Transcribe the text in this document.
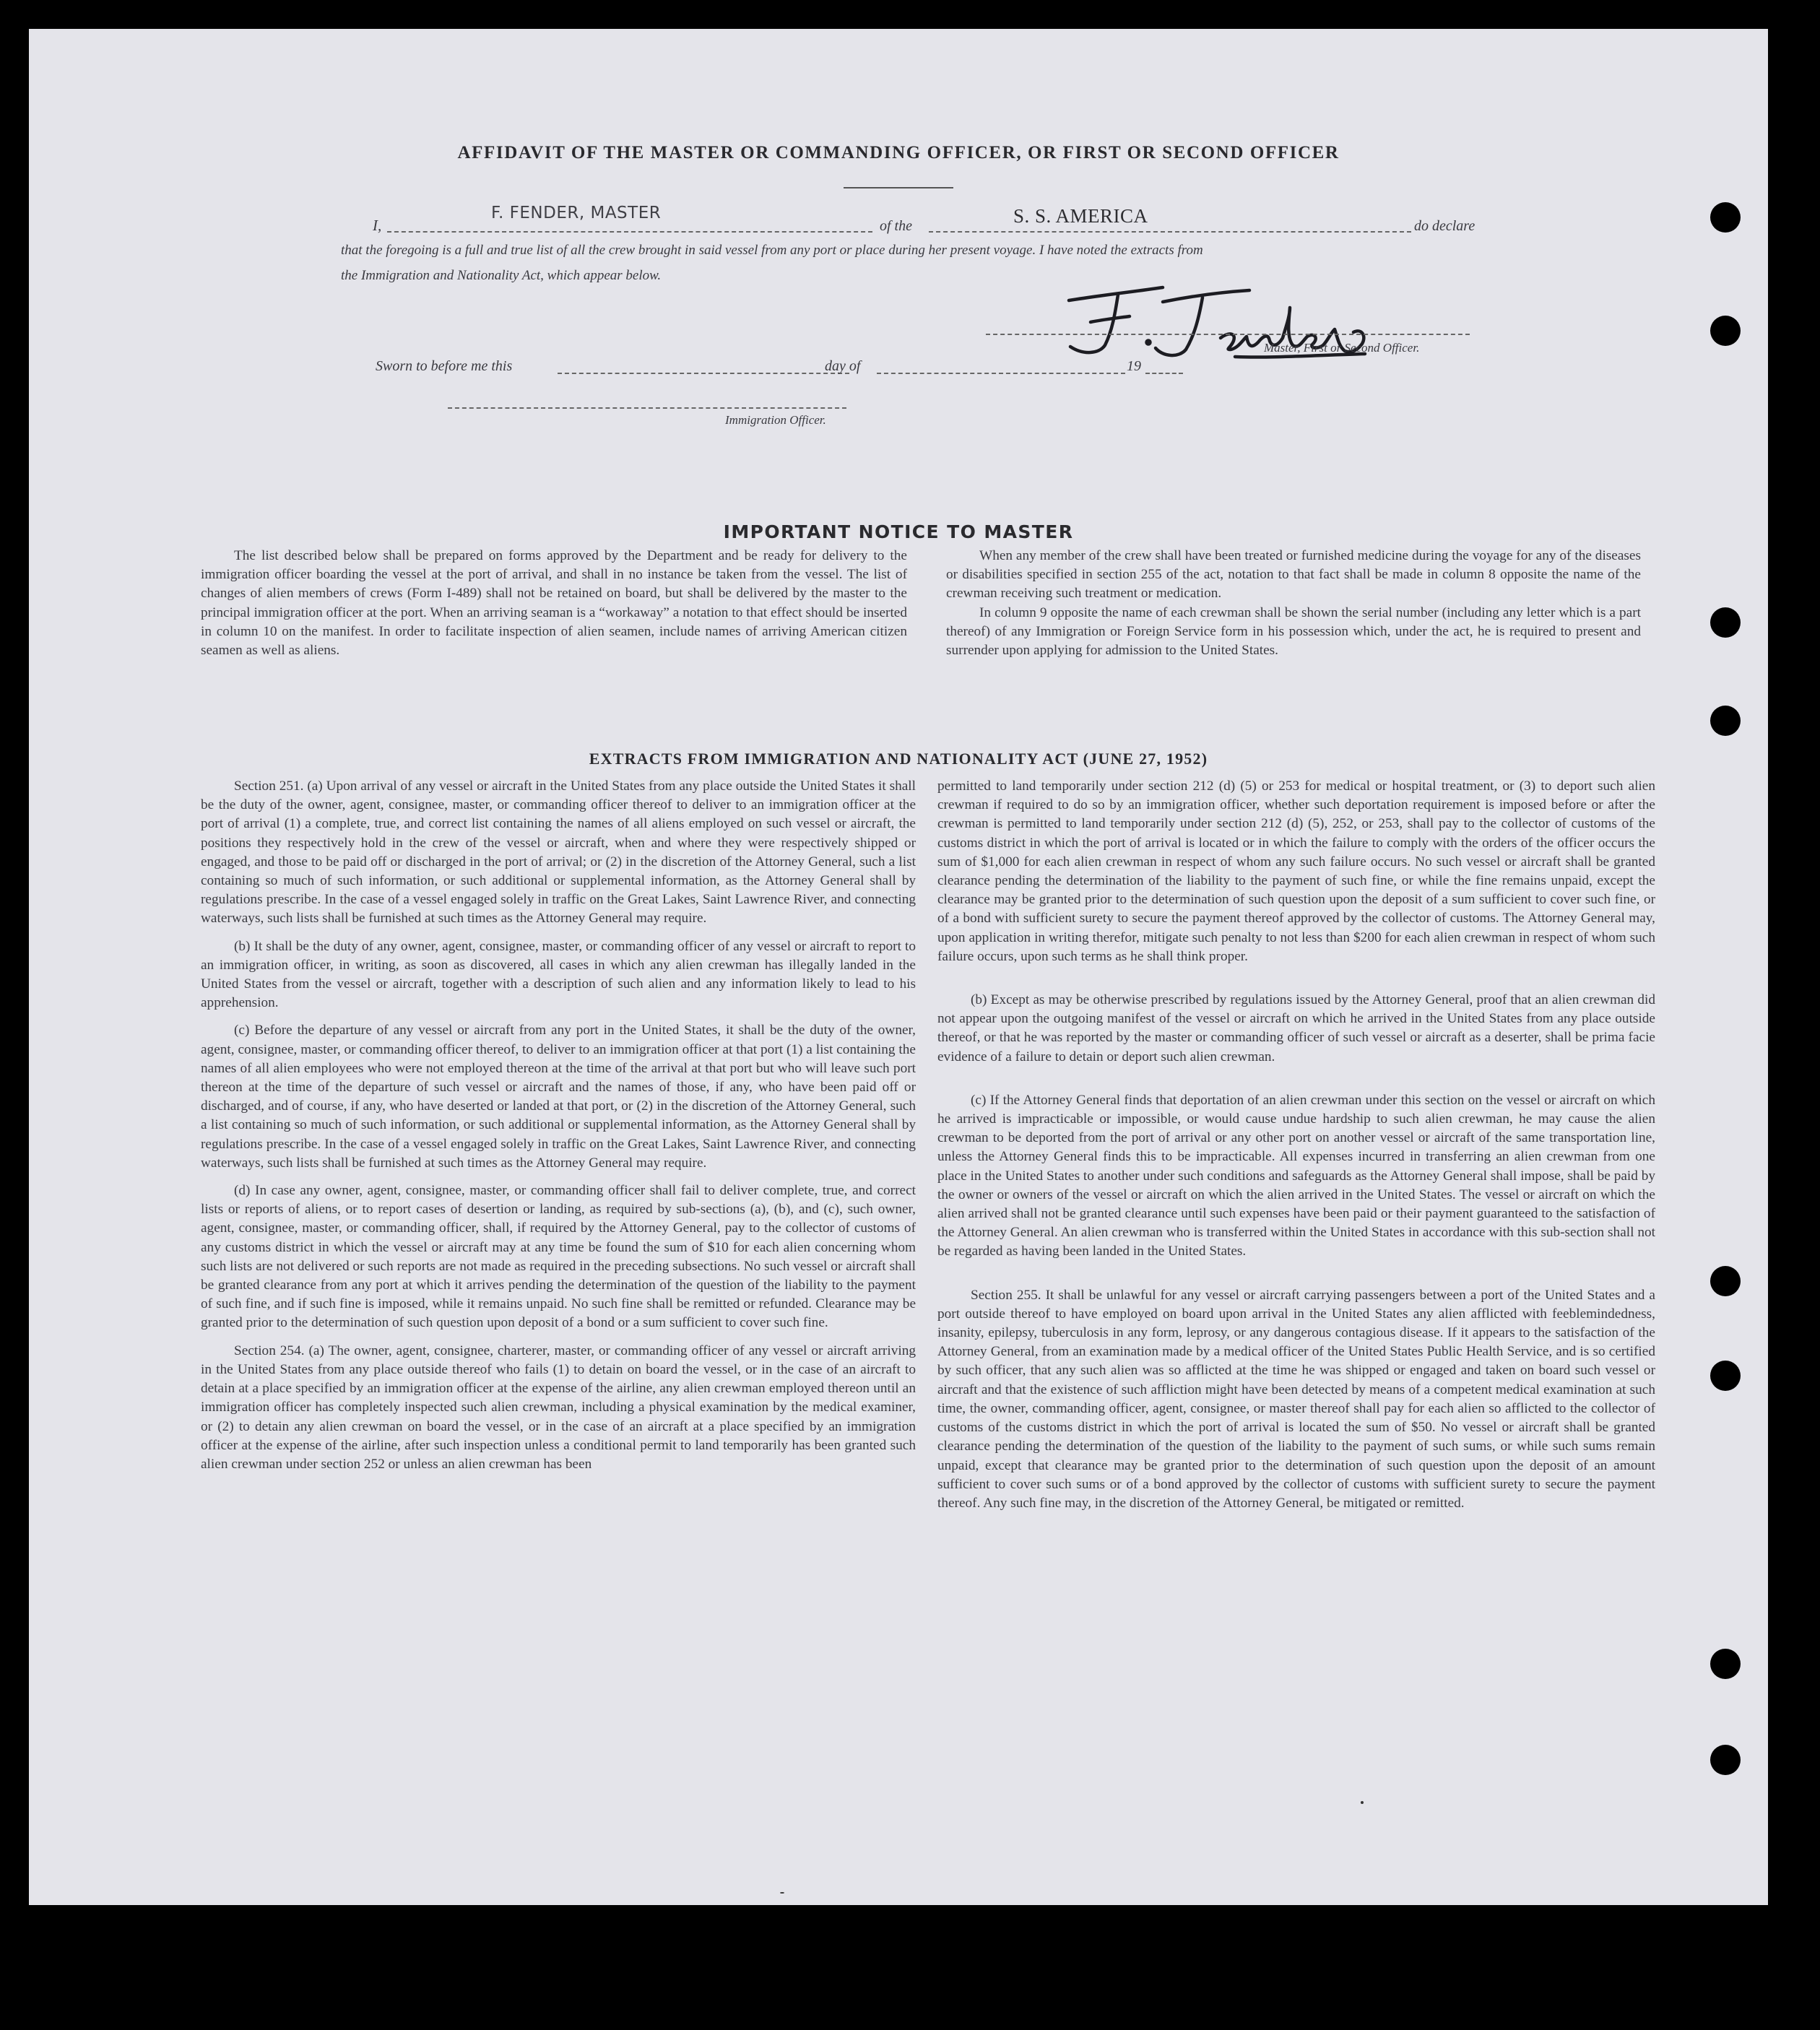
AFFIDAVIT OF THE MASTER OR COMMANDING OFFICER, OR FIRST OR SECOND OFFICER
I,
F. FENDER, MASTER
of the	S. S. AMERICA	do declare
that the foregoing is a full and true list of all the crew brought in said vessel from any port or place during her present voyage. I have noted the extracts from
the Immigration and Nationality Act, which appear below.
Master, First or Second Officer.
Sworn to before me this	day of	19
Immigration Officer.
IMPORTANT NOTICE TO MASTER

The list described below shall be prepared on forms approved by the Department and be ready for delivery to the immigration officer boarding the vessel at the port of arrival, and shall in no instance be taken from the vessel. The list of changes of alien members of crews (Form I-489) shall not be retained on board, but shall be delivered by the master to the principal immigration officer at the port. When an arriving seaman is a “workaway” a notation to that effect should be inserted in column 10 on the manifest. In order to facilitate inspection of alien seamen, include names of arriving American citizen seamen as well as aliens.

When any member of the crew shall have been treated or furnished medicine during the voyage for any of the diseases or disabilities specified in section 255 of the act, notation to that fact shall be made in column 8 opposite the name of the crewman receiving such treatment or medication.

In column 9 opposite the name of each crewman shall be shown the serial number (including any letter which is a part thereof) of any Immigration or Foreign Service form in his possession which, under the act, he is required to present and surrender upon applying for admission to the United States.

EXTRACTS FROM IMMIGRATION AND NATIONALITY ACT (JUNE 27, 1952)

Section 251. (a) Upon arrival of any vessel or aircraft in the United States from any place outside the United States it shall be the duty of the owner, agent, consignee, master, or commanding officer thereof to deliver to an immigration officer at the port of arrival (1) a complete, true, and correct list containing the names of all aliens employed on such vessel or aircraft, the positions they respectively hold in the crew of the vessel or aircraft, when and where they were respectively shipped or engaged, and those to be paid off or discharged in the port of arrival; or (2) in the discretion of the Attorney General, such a list containing so much of such information, or such additional or supplemental information, as the Attorney General shall by regulations prescribe. In the case of a vessel engaged solely in traffic on the Great Lakes, Saint Lawrence River, and connecting waterways, such lists shall be furnished at such times as the Attorney General may require.

(b) It shall be the duty of any owner, agent, consignee, master, or commanding officer of any vessel or aircraft to report to an immigration officer, in writing, as soon as discovered, all cases in which any alien crewman has illegally landed in the United States from the vessel or aircraft, together with a description of such alien and any information likely to lead to his apprehension.

(c) Before the departure of any vessel or aircraft from any port in the United States, it shall be the duty of the owner, agent, consignee, master, or commanding officer thereof, to deliver to an immigration officer at that port (1) a list containing the names of all alien employees who were not employed thereon at the time of the arrival at that port but who will leave such port thereon at the time of the departure of such vessel or aircraft and the names of those, if any, who have been paid off or discharged, and of course, if any, who have deserted or landed at that port, or (2) in the discretion of the Attorney General, such a list containing so much of such information, or such additional or supplemental information, as the Attorney General shall by regulations prescribe. In the case of a vessel engaged solely in traffic on the Great Lakes, Saint Lawrence River, and connecting waterways, such lists shall be furnished at such times as the Attorney General may require.

(d) In case any owner, agent, consignee, master, or commanding officer shall fail to deliver complete, true, and correct lists or reports of aliens, or to report cases of desertion or landing, as required by sub-sections (a), (b), and (c), such owner, agent, consignee, master, or commanding officer, shall, if required by the Attorney General, pay to the collector of customs of any customs district in which the vessel or aircraft may at any time be found the sum of $10 for each alien concerning whom such lists are not delivered or such reports are not made as required in the preceding subsections. No such vessel or aircraft shall be granted clearance from any port at which it arrives pending the determination of the question of the liability to the payment of such fine, and if such fine is imposed, while it remains unpaid. No such fine shall be remitted or refunded. Clearance may be granted prior to the determination of such question upon deposit of a bond or a sum sufficient to cover such fine.

Section 254. (a) The owner, agent, consignee, charterer, master, or commanding officer of any vessel or aircraft arriving in the United States from any place outside thereof who fails (1) to detain on board the vessel, or in the case of an aircraft to detain at a place specified by an immigration officer at the expense of the airline, any alien crewman employed thereon until an immigration officer has completely inspected such alien crewman, including a physical examination by the medical examiner, or (2) to detain any alien crewman on board the vessel, or in the case of an aircraft at a place specified by an immigration officer at the expense of the airline, after such inspection unless a conditional permit to land temporarily has been granted such alien crewman under section 252 or unless an alien crewman has been

permitted to land temporarily under section 212 (d) (5) or 253 for medical or hospital treatment, or (3) to deport such alien crewman if required to do so by an immigration officer, whether such deportation requirement is imposed before or after the crewman is permitted to land temporarily under section 212 (d) (5), 252, or 253, shall pay to the collector of customs of the customs district in which the port of arrival is located or in which the failure to comply with the orders of the officer occurs the sum of $1,000 for each alien crewman in respect of whom any such failure occurs. No such vessel or aircraft shall be granted clearance pending the determination of the liability to the payment of such fine, or while the fine remains unpaid, except the clearance may be granted prior to the determination of such question upon the deposit of a sum sufficient to cover such fine, or of a bond with sufficient surety to secure the payment thereof approved by the collector of customs. The Attorney General may, upon application in writing therefor, mitigate such penalty to not less than $200 for each alien crewman in respect of whom such failure occurs, upon such terms as he shall think proper.

(b) Except as may be otherwise prescribed by regulations issued by the Attorney General, proof that an alien crewman did not appear upon the outgoing manifest of the vessel or aircraft on which he arrived in the United States from any place outside thereof, or that he was reported by the master or commanding officer of such vessel or aircraft as a deserter, shall be prima facie evidence of a failure to detain or deport such alien crewman.

(c) If the Attorney General finds that deportation of an alien crewman under this section on the vessel or aircraft on which he arrived is impracticable or impossible, or would cause undue hardship to such alien crewman, he may cause the alien crewman to be deported from the port of arrival or any other port on another vessel or aircraft of the same transportation line, unless the Attorney General finds this to be impracticable. All expenses incurred in transferring an alien crewman from one place in the United States to another under such conditions and safeguards as the Attorney General shall impose, shall be paid by the owner or owners of the vessel or aircraft on which the alien arrived in the United States. The vessel or aircraft on which the alien arrived shall not be granted clearance until such expenses have been paid or their payment guaranteed to the satisfaction of the Attorney General. An alien crewman who is transferred within the United States in accordance with this sub-section shall not be regarded as having been landed in the United States.

Section 255. It shall be unlawful for any vessel or aircraft carrying passengers between a port of the United States and a port outside thereof to have employed on board upon arrival in the United States any alien afflicted with feeblemindedness, insanity, epilepsy, tuberculosis in any form, leprosy, or any dangerous contagious disease. If it appears to the satisfaction of the Attorney General, from an examination made by a medical officer of the United States Public Health Service, and is so certified by such officer, that any such alien was so afflicted at the time he was shipped or engaged and taken on board such vessel or aircraft and that the existence of such affliction might have been detected by means of a competent medical examination at such time, the owner, commanding officer, agent, consignee, or master thereof shall pay for each alien so afflicted to the collector of customs of the customs district in which the port of arrival is located the sum of $50. No vessel or aircraft shall be granted clearance pending the determination of the question of the liability to the payment of such sums, or while such sums remain unpaid, except that clearance may be granted prior to the determination of such question upon the deposit of an amount sufficient to cover such sums or of a bond approved by the collector of customs with sufficient surety to secure the payment thereof. Any such fine may, in the discretion of the Attorney General, be mitigated or remitted.
